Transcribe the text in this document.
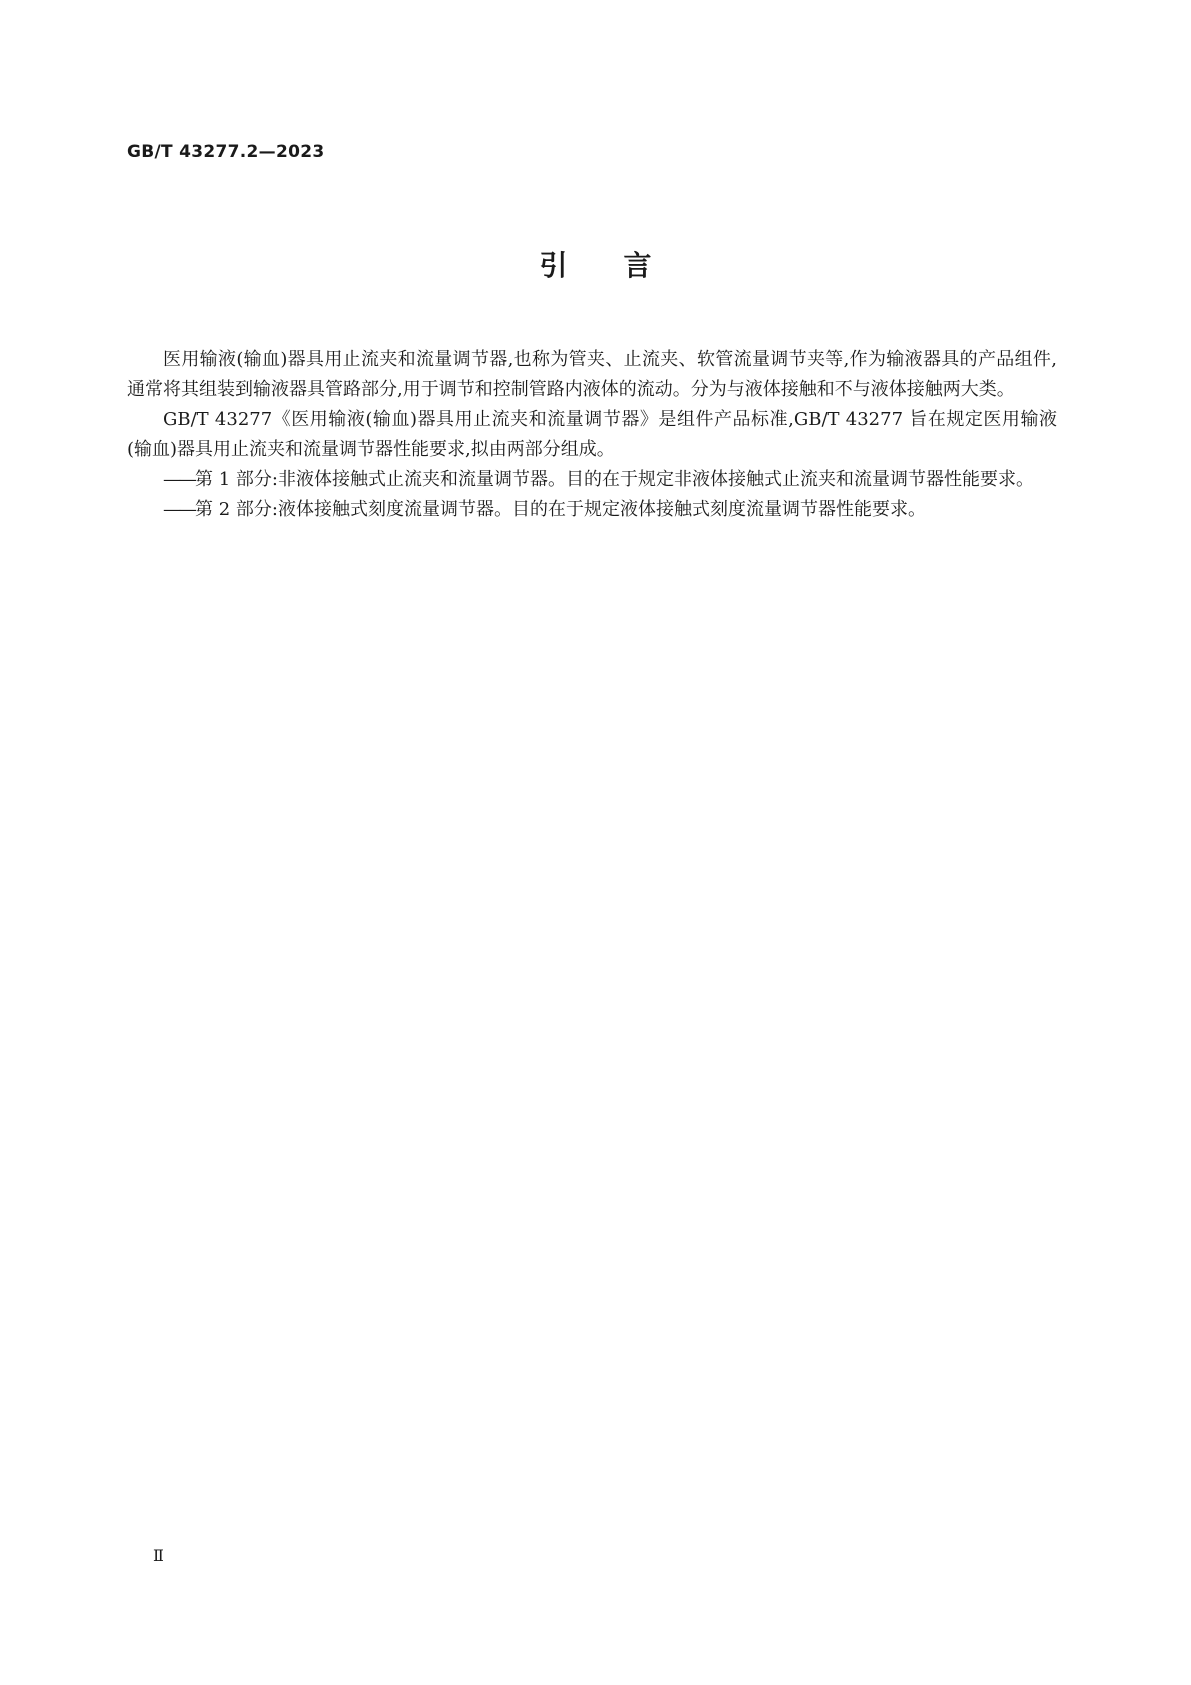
GB/T 43277.2—2023
引言

医用输液(输血)器具用止流夹和流量调节器,也称为管夹、止流夹、软管流量调节夹等,作为输液器具的产品组件,通常将其组装到输液器具管路部分,用于调节和控制管路内液体的流动。分为与液体接触和不与液体接触两大类。

GB/T 43277《医用输液(输血)器具用止流夹和流量调节器》是组件产品标准,GB/T 43277 旨在规定医用输液(输血)器具用止流夹和流量调节器性能要求,拟由两部分组成。

——第 1 部分:非液体接触式止流夹和流量调节器。目的在于规定非液体接触式止流夹和流量调节器性能要求。

——第 2 部分:液体接触式刻度流量调节器。目的在于规定液体接触式刻度流量调节器性能要求。

Ⅱ
